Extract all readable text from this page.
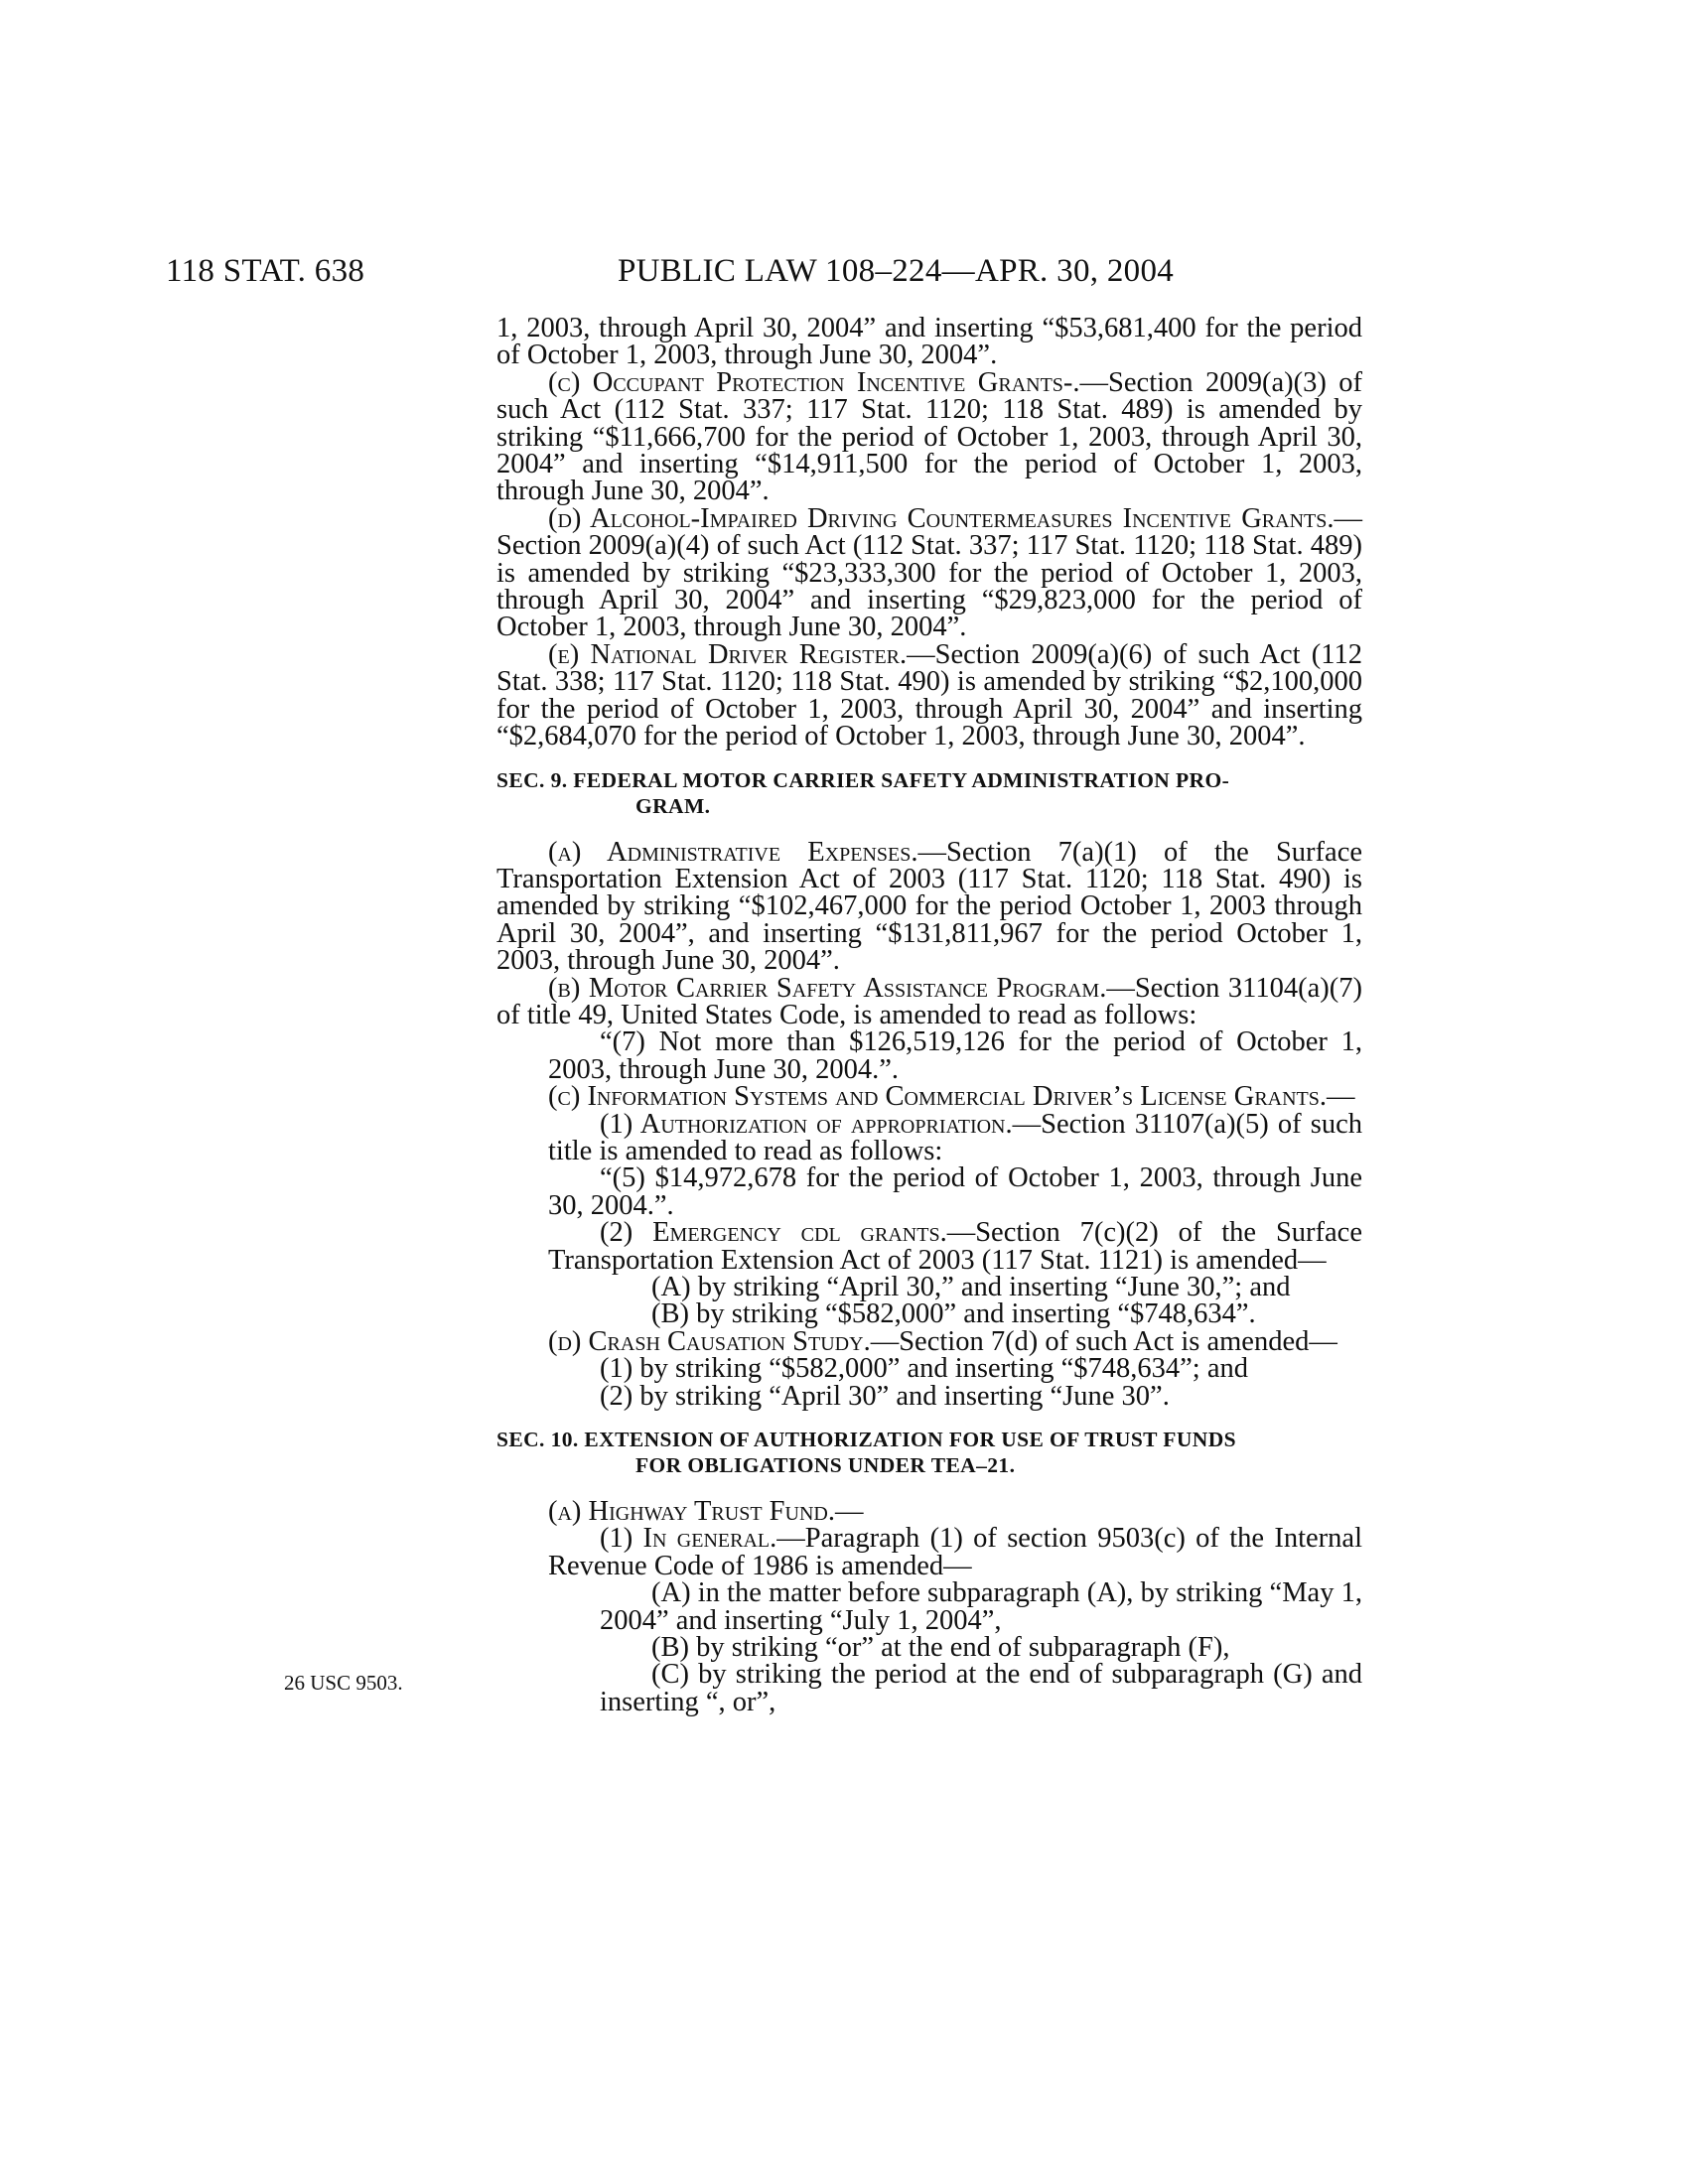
118 STAT. 638	PUBLIC LAW 108–224—APR. 30, 2004
26 USC 9503.

1, 2003, through April 30, 2004” and inserting “$53,681,400 for the period of October 1, 2003, through June 30, 2004”.

(c) Occupant Protection Incentive Grants-.—Section 2009(a)(3) of such Act (112 Stat. 337; 117 Stat. 1120; 118 Stat. 489) is amended by striking “$11,666,700 for the period of October 1, 2003, through April 30, 2004” and inserting “$14,911,500 for the period of October 1, 2003, through June 30, 2004”.

(d) Alcohol-Impaired Driving Countermeasures Incentive Grants.—Section 2009(a)(4) of such Act (112 Stat. 337; 117 Stat. 1120; 118 Stat. 489) is amended by striking “$23,333,300 for the period of October 1, 2003, through April 30, 2004” and inserting “$29,823,000 for the period of October 1, 2003, through June 30, 2004”.

(e) National Driver Register.—Section 2009(a)(6) of such Act (112 Stat. 338; 117 Stat. 1120; 118 Stat. 490) is amended by striking “$2,100,000 for the period of October 1, 2003, through April 30, 2004” and inserting “$2,684,070 for the period of October 1, 2003, through June 30, 2004”.

SEC. 9. FEDERAL MOTOR CARRIER SAFETY ADMINISTRATION PRO-
GRAM.

(a) Administrative Expenses.—Section 7(a)(1) of the Surface Transportation Extension Act of 2003 (117 Stat. 1120; 118 Stat. 490) is amended by striking “$102,467,000 for the period October 1, 2003 through April 30, 2004”, and inserting “$131,811,967 for the period October 1, 2003, through June 30, 2004”.

(b) Motor Carrier Safety Assistance Program.—Section 31104(a)(7) of title 49, United States Code, is amended to read as follows:

“(7) Not more than $126,519,126 for the period of October 1, 2003, through June 30, 2004.”.

(c) Information Systems and Commercial Driver’s License Grants.—

(1) Authorization of appropriation.—Section 31107(a)(5) of such title is amended to read as follows:

“(5) $14,972,678 for the period of October 1, 2003, through June 30, 2004.”.

(2) Emergency cdl grants.—Section 7(c)(2) of the Surface Transportation Extension Act of 2003 (117 Stat. 1121) is amended—

(A) by striking “April 30,” and inserting “June 30,”; and

(B) by striking “$582,000” and inserting “$748,634”.

(d) Crash Causation Study.—Section 7(d) of such Act is amended—

(1) by striking “$582,000” and inserting “$748,634”; and

(2) by striking “April 30” and inserting “June 30”.

SEC. 10. EXTENSION OF AUTHORIZATION FOR USE OF TRUST FUNDS
FOR OBLIGATIONS UNDER TEA–21.

(a) Highway Trust Fund.—

(1) In general.—Paragraph (1) of section 9503(c) of the Internal Revenue Code of 1986 is amended—

(A) in the matter before subparagraph (A), by striking “May 1, 2004” and inserting “July 1, 2004”,

(B) by striking “or” at the end of subparagraph (F),

(C) by striking the period at the end of subparagraph (G) and inserting “, or”,
